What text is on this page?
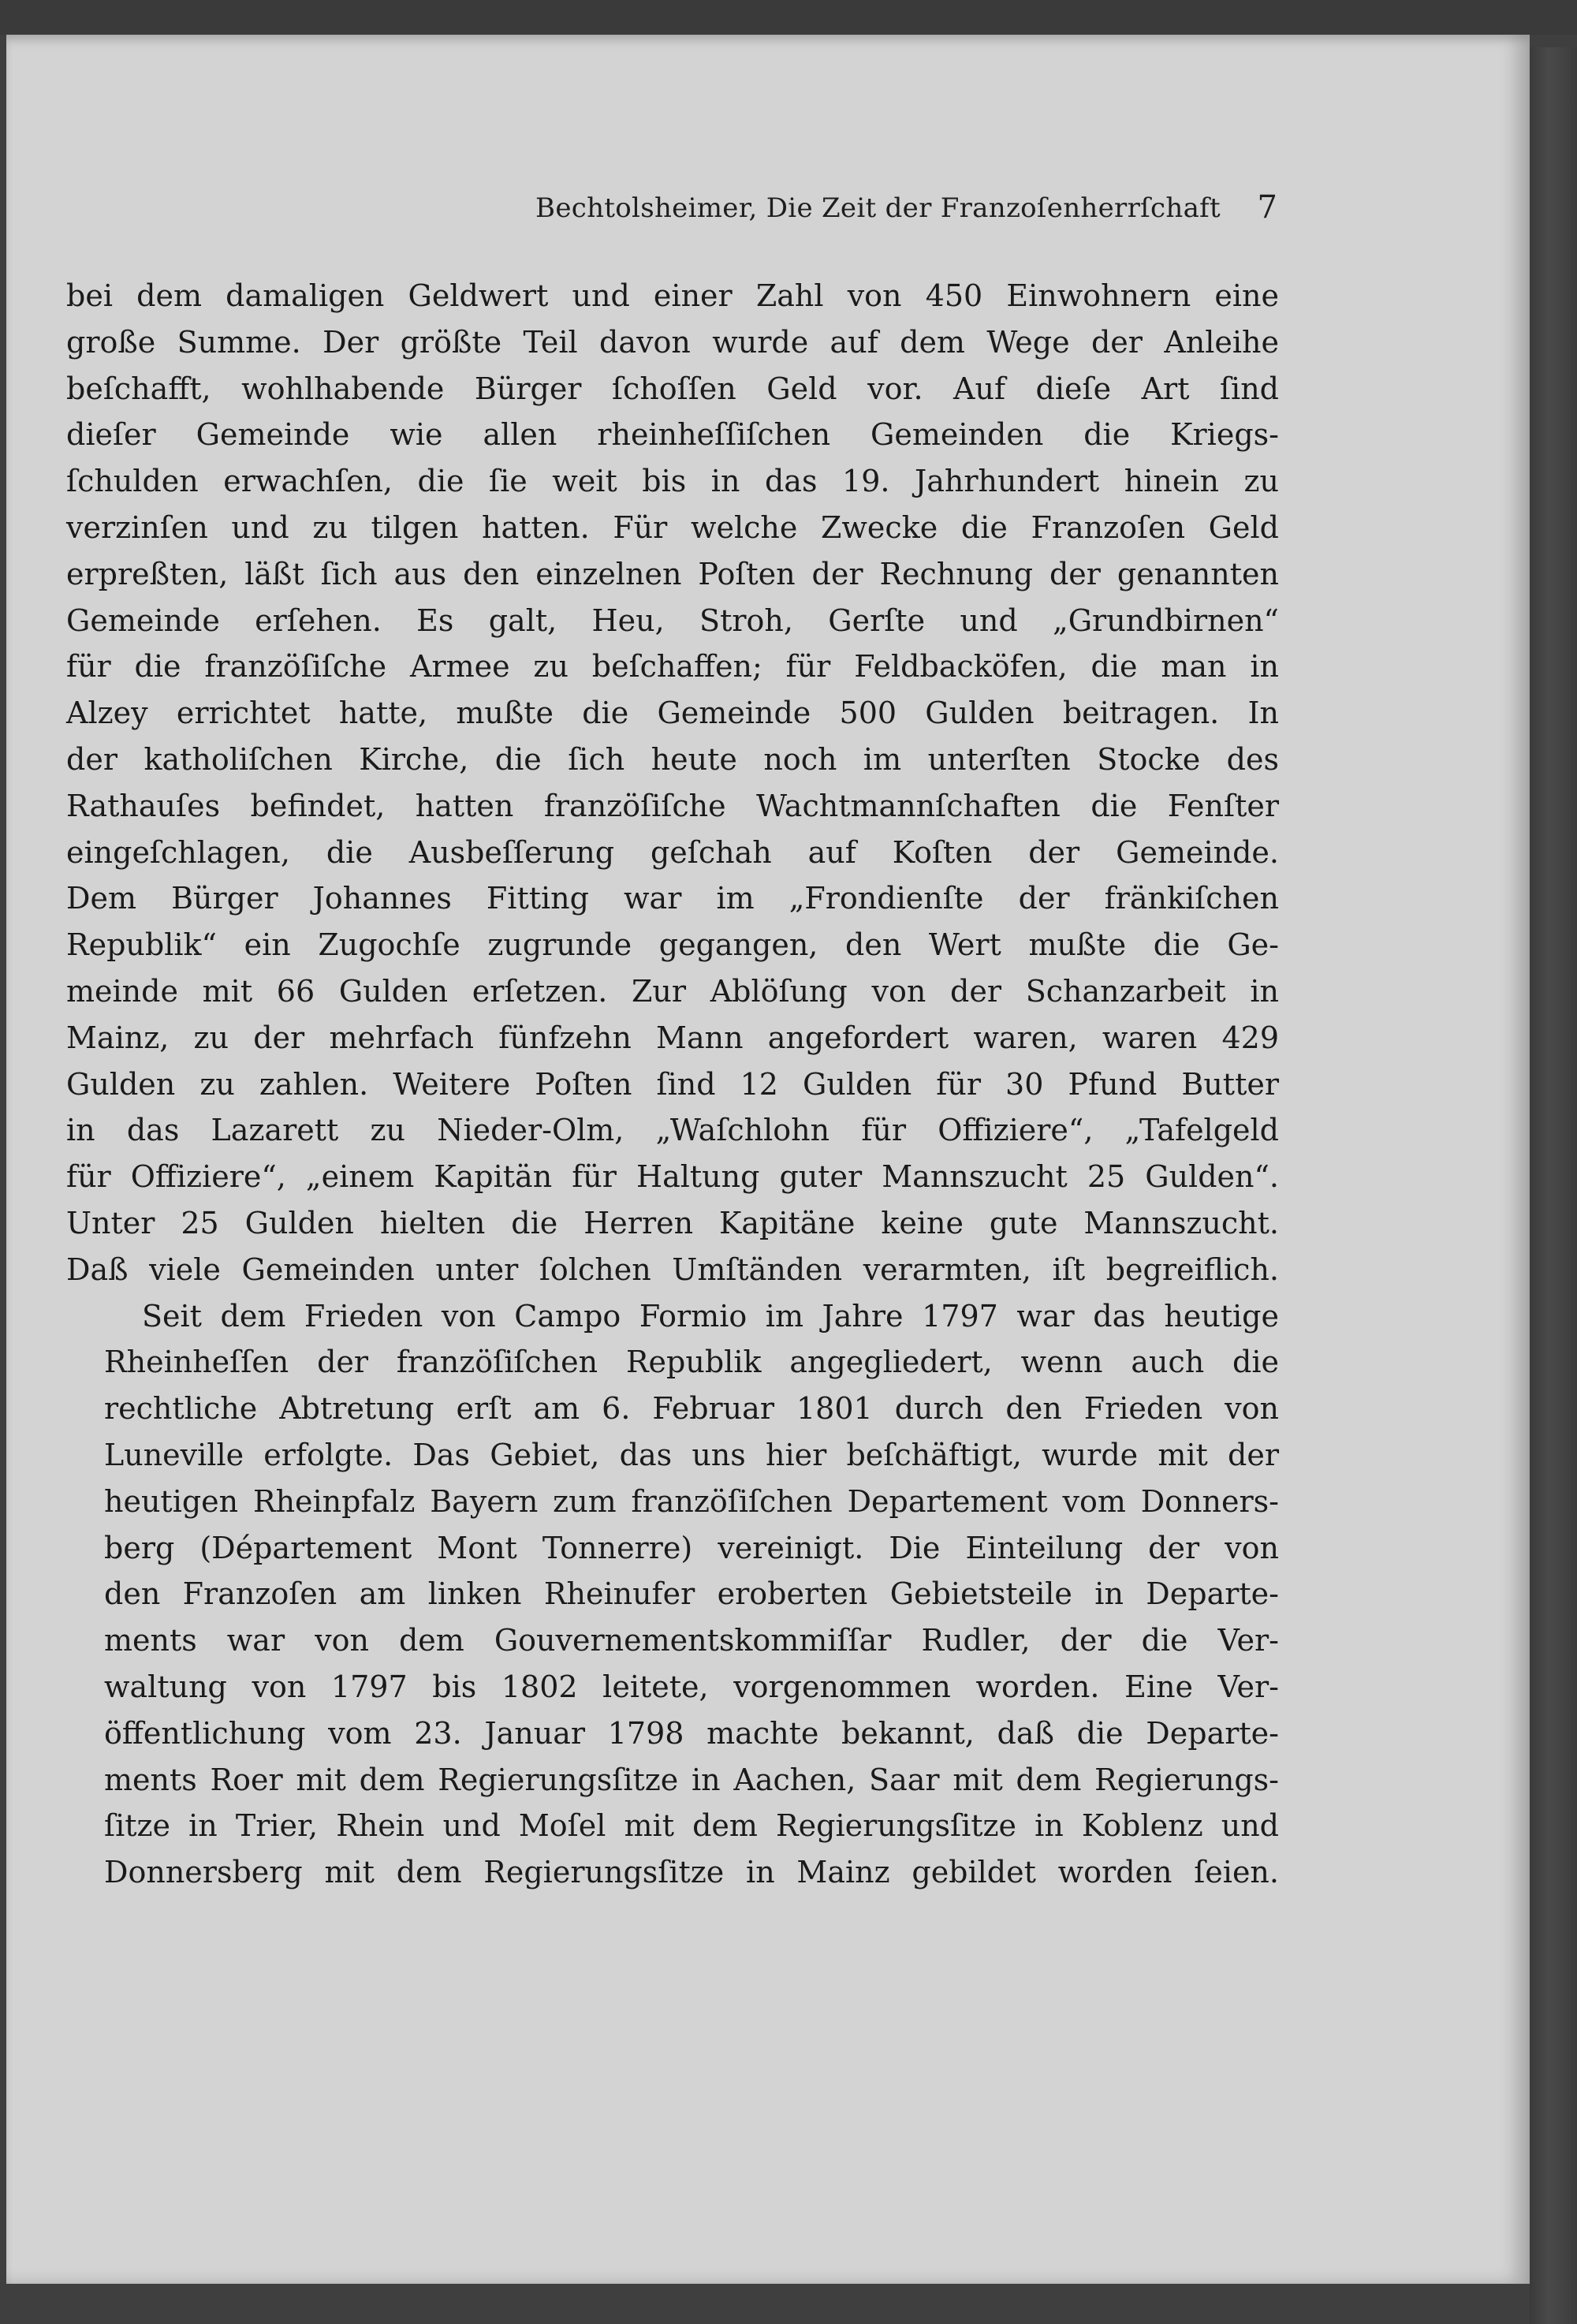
Bechtolsheimer, Die Zeit der Franzoſenherrſchaft 7
bei dem damaligen Geldwert und einer Zahl von 450 Einwohnern eine
große Summe. Der größte Teil davon wurde auf dem Wege der Anleihe
beſchafft, wohlhabende Bürger ſchoſſen Geld vor. Auf dieſe Art ſind
dieſer Gemeinde wie allen rheinheſſiſchen Gemeinden die Kriegs-
ſchulden erwachſen, die ſie weit bis in das 19. Jahrhundert hinein zu
verzinſen und zu tilgen hatten. Für welche Zwecke die Franzoſen Geld
erpreßten, läßt ſich aus den einzelnen Poſten der Rechnung der genannten
Gemeinde erſehen. Es galt, Heu, Stroh, Gerſte und „Grundbirnen“
für die franzöſiſche Armee zu beſchaffen; für Feldbacköfen, die man in
Alzey errichtet hatte, mußte die Gemeinde 500 Gulden beitragen. In
der katholiſchen Kirche, die ſich heute noch im unterſten Stocke des
Rathauſes befindet, hatten franzöſiſche Wachtmannſchaften die Fenſter
eingeſchlagen, die Ausbeſſerung geſchah auf Koſten der Gemeinde.
Dem Bürger Johannes Fitting war im „Frondienſte der fränkiſchen
Republik“ ein Zugochſe zugrunde gegangen, den Wert mußte die Ge-
meinde mit 66 Gulden erſetzen. Zur Ablöſung von der Schanzarbeit in
Mainz, zu der mehrfach fünfzehn Mann angefordert waren, waren 429
Gulden zu zahlen. Weitere Poſten ſind 12 Gulden für 30 Pfund Butter
in das Lazarett zu Nieder-Olm, „Waſchlohn für Offiziere“, „Tafelgeld
für Offiziere“, „einem Kapitän für Haltung guter Mannszucht 25 Gulden“.
Unter 25 Gulden hielten die Herren Kapitäne keine gute Mannszucht.
Daß viele Gemeinden unter ſolchen Umſtänden verarmten, iſt begreiflich.
Seit dem Frieden von Campo Formio im Jahre 1797 war das heutige
Rheinheſſen der franzöſiſchen Republik angegliedert, wenn auch die
rechtliche Abtretung erſt am 6. Februar 1801 durch den Frieden von
Luneville erfolgte. Das Gebiet, das uns hier beſchäftigt, wurde mit der
heutigen Rheinpfalz Bayern zum franzöſiſchen Departement vom Donners-
berg (Département Mont Tonnerre) vereinigt. Die Einteilung der von
den Franzoſen am linken Rheinufer eroberten Gebietsteile in Departe-
ments war von dem Gouvernementskommiſſar Rudler, der die Ver-
waltung von 1797 bis 1802 leitete, vorgenommen worden. Eine Ver-
öffentlichung vom 23. Januar 1798 machte bekannt, daß die Departe-
ments Roer mit dem Regierungsſitze in Aachen, Saar mit dem Regierungs-
ſitze in Trier, Rhein und Moſel mit dem Regierungsſitze in Koblenz und
Donnersberg mit dem Regierungsſitze in Mainz gebildet worden ſeien.
